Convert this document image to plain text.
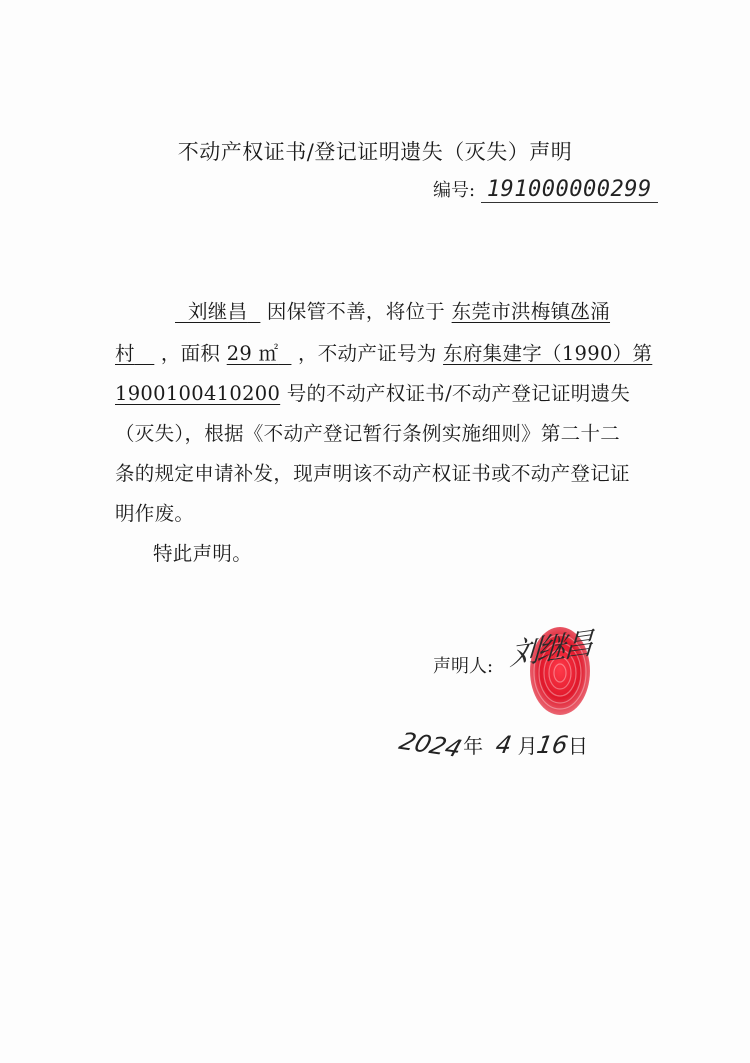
不动产权证书/登记证明遗失（灭失）声明
编号: 191000000299
刘继昌 因保管不善，将位于 东莞市洪梅镇氹涌
村 ，面积 29 ㎡ ，不动产证号为 东府集建字（1990）第
1900100410200 号的不动产权证书/不动产登记证明遗失
（灭失），根据《不动产登记暂行条例实施细则》第二十二
条的规定申请补发，现声明该不动产权证书或不动产登记证
明作废。
特此声明。
声明人: 刘继昌
2024年 4 月16日
